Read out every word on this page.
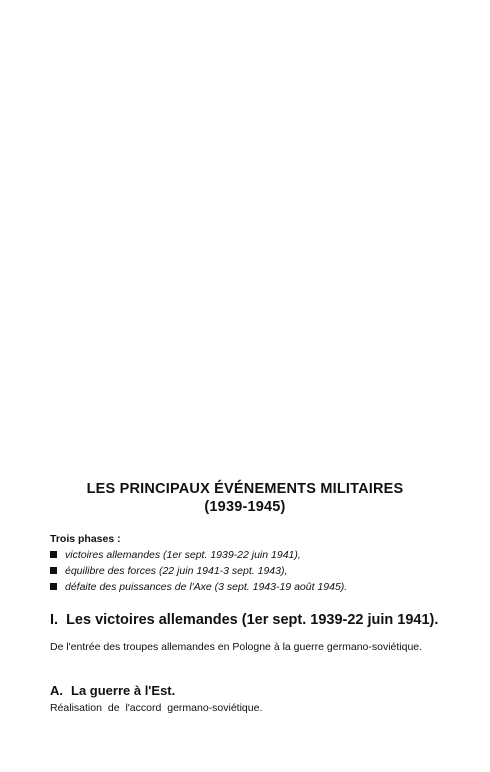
LES PRINCIPAUX ÉVÉNEMENTS MILITAIRES
(1939-1945)
Trois phases :
victoires allemandes (1er sept. 1939-22 juin 1941),
équilibre des forces (22 juin 1941-3 sept. 1943),
défaite des puissances de l'Axe (3 sept. 1943-19 août 1945).
I. Les victoires allemandes (1er sept. 1939-22 juin 1941).
De l'entrée des troupes allemandes en Pologne à la guerre germano-soviétique.
A. La guerre à l'Est.
Réalisation de l'accord germano-soviétique.
